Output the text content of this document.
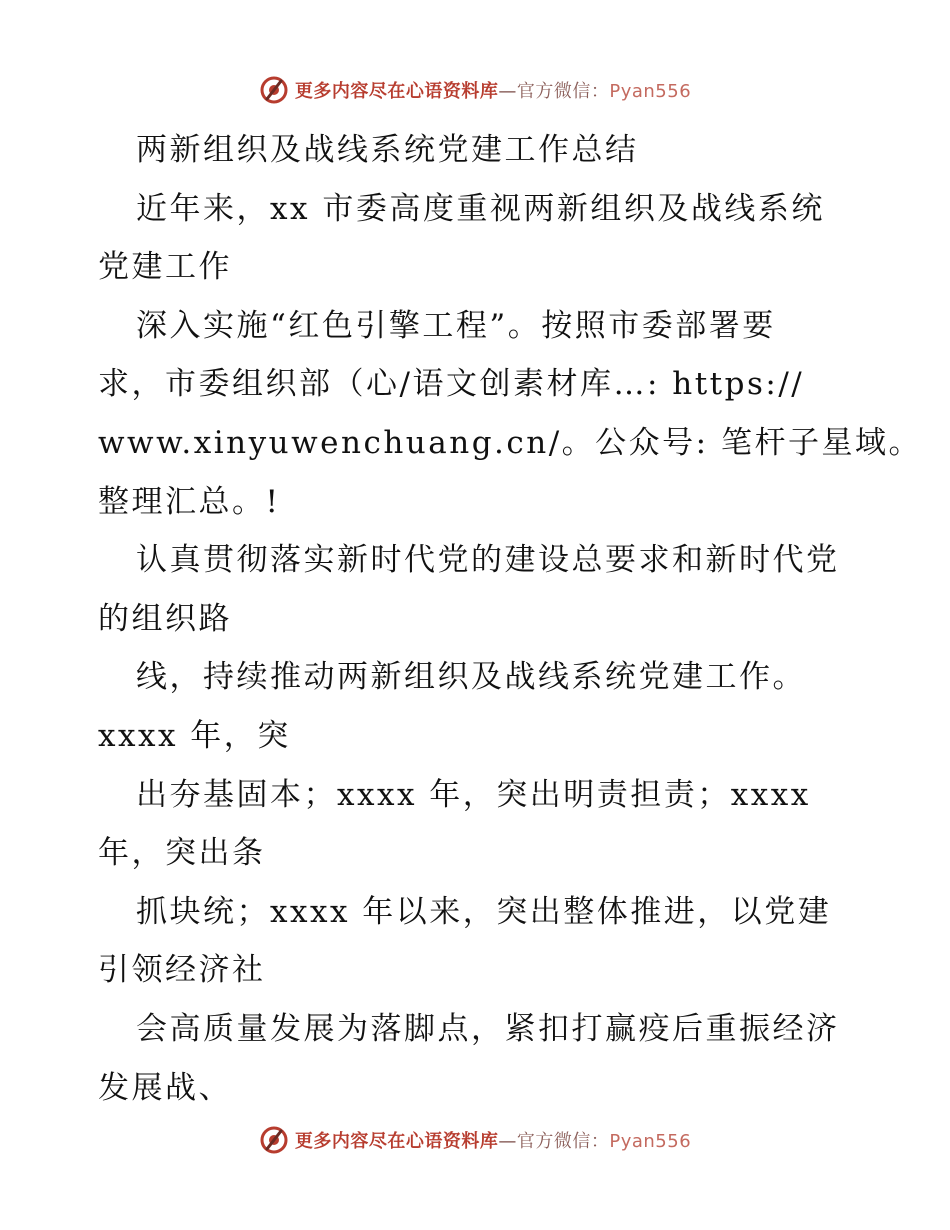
更多内容尽在心语资料库—官方微信：Pyan556
两新组织及战线系统党建工作总结
近年来，xx 市委高度重视两新组织及战线系统
党建工作
深入实施“红色引擎工程”。按照市委部署要
求，市委组织部（心/语文创素材库…: https://
www.xinyuwenchuang.cn/。公众号: 笔杆子星域。
整理汇总。!
认真贯彻落实新时代党的建设总要求和新时代党
的组织路
线，持续推动两新组织及战线系统党建工作。
xxxx 年，突
出夯基固本；xxxx 年，突出明责担责；xxxx
年，突出条
抓块统；xxxx 年以来，突出整体推进，以党建
引领经济社
会高质量发展为落脚点，紧扣打赢疫后重振经济
发展战、
更多内容尽在心语资料库—官方微信：Pyan556
